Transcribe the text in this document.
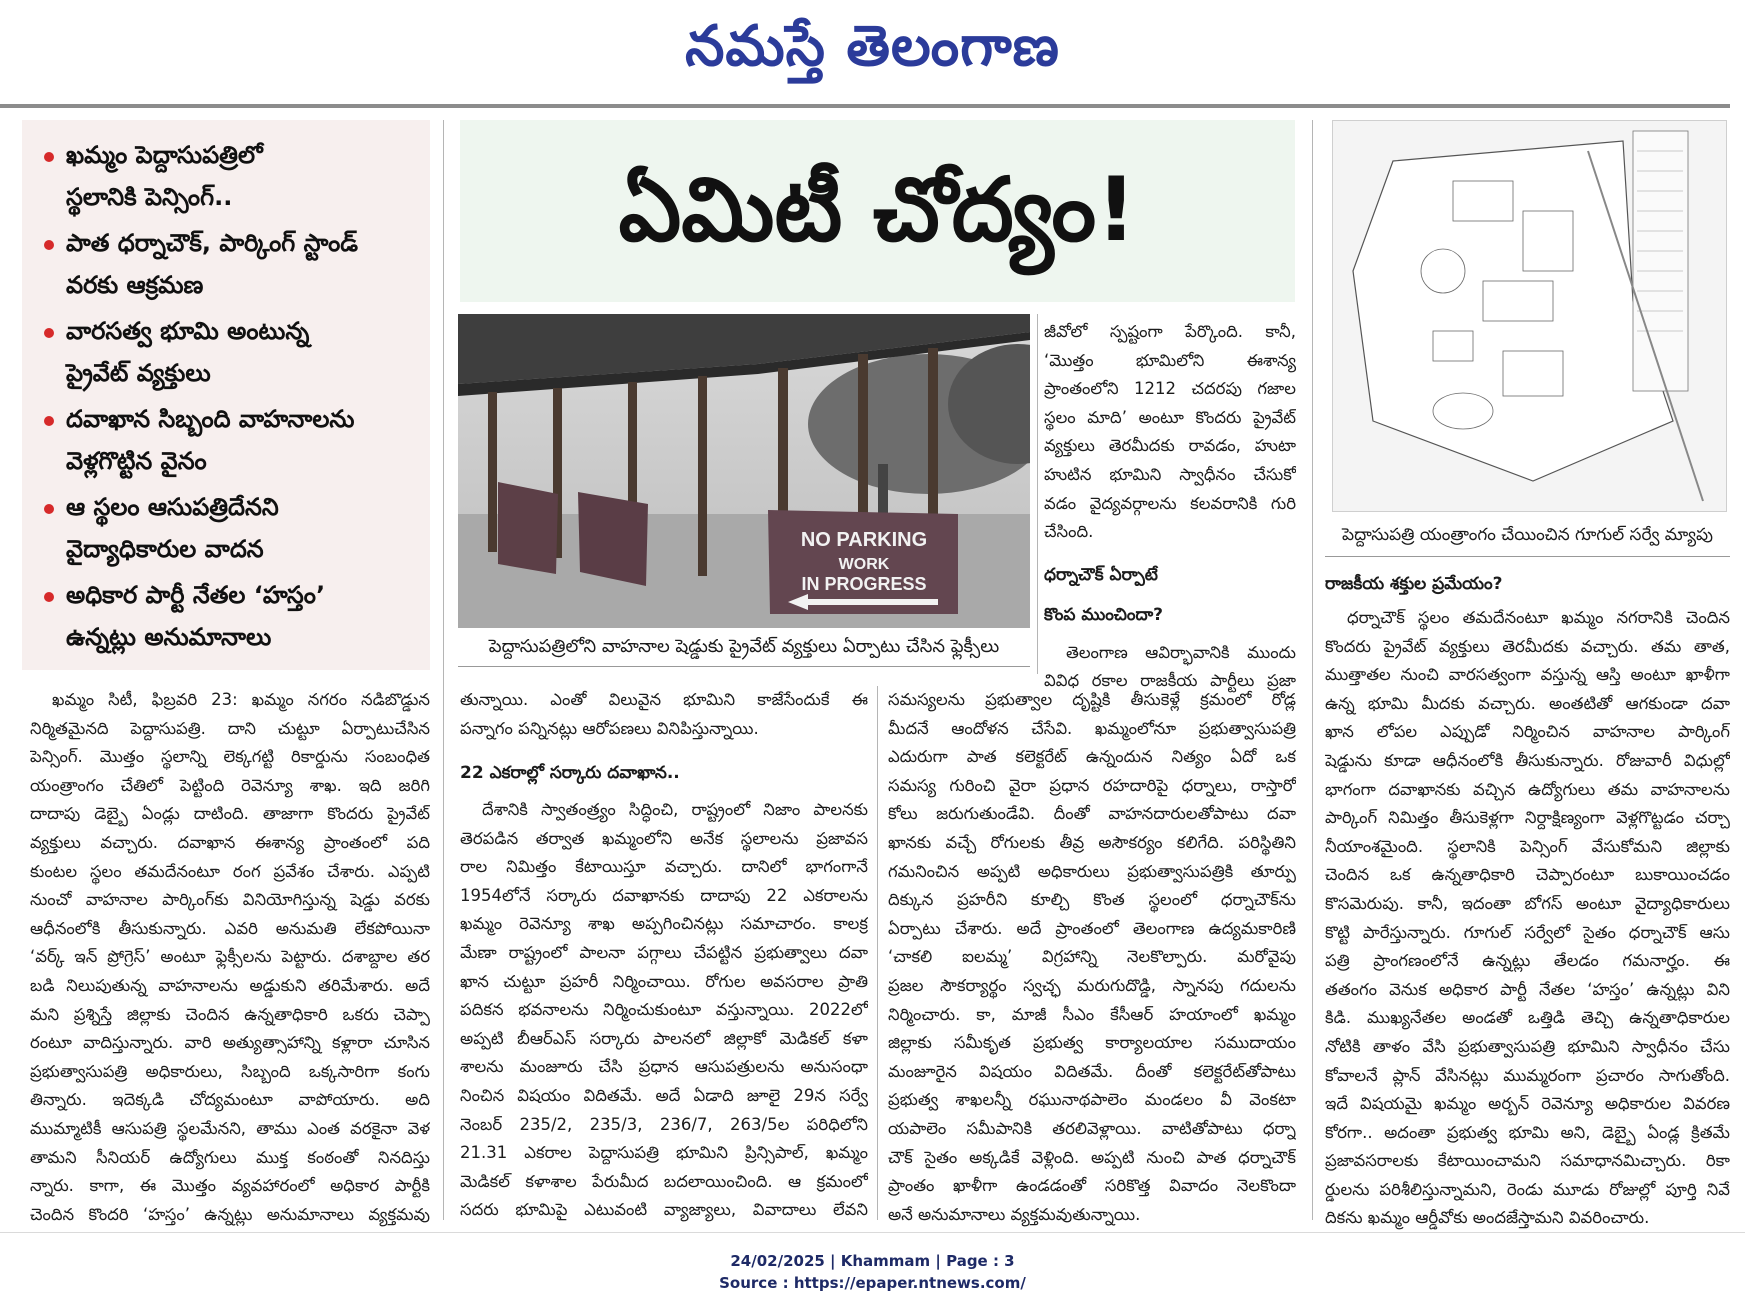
నమస్తే తెలంగాణ
ఖమ్మం పెద్దాసుపత్రిలో
స్థలానికి పెన్సింగ్..
పాత ధర్నాచౌక్, పార్కింగ్ స్టాండ్
వరకు ఆక్రమణ
వారసత్వ భూమి అంటున్న
ప్రైవేట్ వ్యక్తులు
దవాఖాన సిబ్బంది వాహనాలను
వెళ్లగొట్టిన వైనం
ఆ స్థలం ఆసుపత్రిదేనని
వైద్యాధికారుల వాదన
అధికార పార్టీ నేతల ‘హస్తం’
ఉన్నట్లు అనుమానాలు
ఏమిటీ చోద్యం!
NO PARKING
WORK
IN PROGRESS
పెద్దాసుపత్రిలోని వాహనాల షెడ్డుకు ప్రైవేట్ వ్యక్తులు ఏర్పాటు చేసిన ఫ్లెక్సీలు
పెద్దాసుపత్రి యంత్రాంగం చేయించిన గూగుల్ సర్వే మ్యాపు

జీవోలో స్పష్టంగా పేర్కొంది. కానీ,

‘మొత్తం భూమిలోని ఈశాన్య

ప్రాంతంలోని 1212 చదరపు గజాల

స్థలం మాది’ అంటూ కొందరు ప్రైవేట్

వ్యక్తులు తెరమీదకు రావడం, హుటా

హుటిన భూమిని స్వాధీనం చేసుకో

వడం వైద్యవర్గాలను కలవరానికి గురి

చేసింది.

ధర్నాచౌక్ ఏర్పాటే
కొంప ముంచిందా?

తెలంగాణ ఆవిర్భావానికి ముందు

వివిధ రకాల రాజకీయ పార్టీలు ప్రజా

ఖమ్మం సిటీ, ఫిబ్రవరి 23: ఖమ్మం నగరం నడిబొడ్డున

నిర్మితమైనది పెద్దాసుపత్రి. దాని చుట్టూ ఏర్పాటుచేసిన

పెన్సింగ్. మొత్తం స్థలాన్ని లెక్కగట్టి రికార్డును సంబంధిత

యంత్రాంగం చేతిలో పెట్టింది రెవెన్యూ శాఖ. ఇది జరిగి

దాదాపు డెబ్బై ఏండ్లు దాటింది. తాజాగా కొందరు ప్రైవేట్

వ్యక్తులు వచ్చారు. దవాఖాన ఈశాన్య ప్రాంతంలో పది

కుంటల స్థలం తమదేనంటూ రంగ ప్రవేశం చేశారు. ఎప్పటి

నుంచో వాహనాల పార్కింగ్‌కు వినియోగిస్తున్న షెడ్డు వరకు

ఆధీనంలోకి తీసుకున్నారు. ఎవరి అనుమతి లేకపోయినా

‘వర్క్ ఇన్ ప్రోగ్రెస్’ అంటూ ఫ్లెక్సీలను పెట్టారు. దశాబ్దాల తర

బడి నిలుపుతున్న వాహనాలను అడ్డుకుని తరిమేశారు. అదే

మని ప్రశ్నిస్తే జిల్లాకు చెందిన ఉన్నతాధికారి ఒకరు చెప్పా

రంటూ వాదిస్తున్నారు. వారి అత్యుత్సాహాన్ని కళ్లారా చూసిన

ప్రభుత్వాసుపత్రి అధికారులు, సిబ్బంది ఒక్కసారిగా కంగు

తిన్నారు. ఇదెక్కడి చోద్యమంటూ వాపోయారు. అది

ముమ్మాటికీ ఆసుపత్రి స్థలమేనని, తాము ఎంత వరకైనా వెళ

తామని సీనియర్ ఉద్యోగులు ముక్త కంఠంతో నినదిస్తు

న్నారు. కాగా, ఈ మొత్తం వ్యవహారంలో అధికార పార్టీకి

చెందిన కొందరి ‘హస్తం’ ఉన్నట్లు అనుమానాలు వ్యక్తమవు

తున్నాయి. ఎంతో విలువైన భూమిని కాజేసేందుకే ఈ

పన్నాగం పన్నినట్లు ఆరోపణలు వినిపిస్తున్నాయి.

22 ఎకరాల్లో సర్కారు దవాఖాన..

దేశానికి స్వాతంత్ర్యం సిద్ధించి, రాష్ట్రంలో నిజాం పాలనకు

తెరపడిన తర్వాత ఖమ్మంలోని అనేక స్థలాలను ప్రజావస

రాల నిమిత్తం కేటాయిస్తూ వచ్చారు. దానిలో భాగంగానే

1954లోనే సర్కారు దవాఖానకు దాదాపు 22 ఎకరాలను

ఖమ్మం రెవెన్యూ శాఖ అప్పగించినట్లు సమాచారం. కాలక్ర

మేణా రాష్ట్రంలో పాలనా పగ్గాలు చేపట్టిన ప్రభుత్వాలు దవా

ఖాన చుట్టూ ప్రహరీ నిర్మించాయి. రోగుల అవసరాల ప్రాతి

పదికన భవనాలను నిర్మించుకుంటూ వస్తున్నాయి. 2022లో

అప్పటి బీఆర్ఎస్ సర్కారు పాలనలో జిల్లాకో మెడికల్ కళా

శాలను మంజూరు చేసి ప్రధాన ఆసుపత్రులను అనుసంధా

నించిన విషయం విదితమే. అదే ఏడాది జూలై 29న సర్వే

నెంబర్ 235/2, 235/3, 236/7, 263/5ల పరిధిలోని

21.31 ఎకరాల పెద్దాసుపత్రి భూమిని ప్రిన్సిపాల్, ఖమ్మం

మెడికల్ కళాశాల పేరుమీద బదలాయించింది. ఆ క్రమంలో

సదరు భూమిపై ఎటువంటి వ్యాజ్యాలు, వివాదాలు లేవని

సమస్యలను ప్రభుత్వాల దృష్టికి తీసుకెళ్లే క్రమంలో రోడ్ల

మీదనే ఆందోళన చేసేవి. ఖమ్మంలోనూ ప్రభుత్వాసుపత్రి

ఎదురుగా పాత కలెక్టరేట్ ఉన్నందున నిత్యం ఏదో ఒక

సమస్య గురించి వైరా ప్రధాన రహదారిపై ధర్నాలు, రాస్తారో

కోలు జరుగుతుండేవి. దీంతో వాహనదారులతోపాటు దవా

ఖానకు వచ్చే రోగులకు తీవ్ర అసౌకర్యం కలిగేది. పరిస్థితిని

గమనించిన అప్పటి అధికారులు ప్రభుత్వాసుపత్రికి తూర్పు

దిక్కున ప్రహరీని కూల్చి కొంత స్థలంలో ధర్నాచౌక్‌ను

ఏర్పాటు చేశారు. అదే ప్రాంతంలో తెలంగాణ ఉద్యమకారిణి

‘చాకలి ఐలమ్మ’ విగ్రహాన్ని నెలకొల్పారు. మరోవైపు

ప్రజల సౌకర్యార్థం స్వచ్ఛ మరుగుదొడ్డి, స్నానపు గదులను

నిర్మించారు. కా, మాజీ సీఎం కేసీఆర్ హయాంలో ఖమ్మం

జిల్లాకు సమీకృత ప్రభుత్వ కార్యాలయాల సముదాయం

మంజూరైన విషయం విదితమే. దీంతో కలెక్టరేట్‌తోపాటు

ప్రభుత్వ శాఖలన్నీ రఘునాథపాలెం మండలం వీ వెంకటా

యపాలెం సమీపానికి తరలివెళ్లాయి. వాటితోపాటు ధర్నా

చౌక్ సైతం అక్కడికే వెళ్లింది. అప్పటి నుంచి పాత ధర్నాచౌక్

ప్రాంతం ఖాళీగా ఉండడంతో సరికొత్త వివాదం నెలకొందా

అనే అనుమానాలు వ్యక్తమవుతున్నాయి.

రాజకీయ శక్తుల ప్రమేయం?

ధర్నాచౌక్ స్థలం తమదేనంటూ ఖమ్మం నగరానికి చెందిన

కొందరు ప్రైవేట్ వ్యక్తులు తెరమీదకు వచ్చారు. తమ తాత,

ముత్తాతల నుంచి వారసత్వంగా వస్తున్న ఆస్తి అంటూ ఖాళీగా

ఉన్న భూమి మీదకు వచ్చారు. అంతటితో ఆగకుండా దవా

ఖాన లోపల ఎప్పుడో నిర్మించిన వాహనాల పార్కింగ్

షెడ్డును కూడా ఆధీనంలోకి తీసుకున్నారు. రోజువారీ విధుల్లో

భాగంగా దవాఖానకు వచ్చిన ఉద్యోగులు తమ వాహనాలను

పార్కింగ్ నిమిత్తం తీసుకెళ్లగా నిర్దాక్షిణ్యంగా వెళ్లగొట్టడం చర్చా

నీయాంశమైంది. స్థలానికి పెన్సింగ్ వేసుకోమని జిల్లాకు

చెందిన ఒక ఉన్నతాధికారి చెప్పారంటూ బుకాయించడం

కొసమెరుపు. కానీ, ఇదంతా బోగస్ అంటూ వైద్యాధికారులు

కొట్టి పారేస్తున్నారు. గూగుల్ సర్వేలో సైతం ధర్నాచౌక్ ఆసు

పత్రి ప్రాంగణంలోనే ఉన్నట్లు తేలడం గమనార్హం. ఈ

తతంగం వెనుక అధికార పార్టీ నేతల ‘హస్తం’ ఉన్నట్లు విని

కిడి. ముఖ్యనేతల అండతో ఒత్తిడి తెచ్చి ఉన్నతాధికారుల

నోటికి తాళం వేసి ప్రభుత్వాసుపత్రి భూమిని స్వాధీనం చేసు

కోవాలనే ప్లాన్ వేసినట్లు ముమ్మరంగా ప్రచారం సాగుతోంది.

ఇదే విషయమై ఖమ్మం అర్బన్ రెవెన్యూ అధికారుల వివరణ

కోరగా.. అదంతా ప్రభుత్వ భూమి అని, డెబ్బై ఏండ్ల క్రితమే

ప్రజావసరాలకు కేటాయించామని సమాధానమిచ్చారు. రికా

ర్డులను పరిశీలిస్తున్నామని, రెండు మూడు రోజుల్లో పూర్తి నివే

దికను ఖమ్మం ఆర్డీవోకు అందజేస్తామని వివరించారు.

24/02/2025 | Khammam | Page : 3
Source : https://epaper.ntnews.com/
